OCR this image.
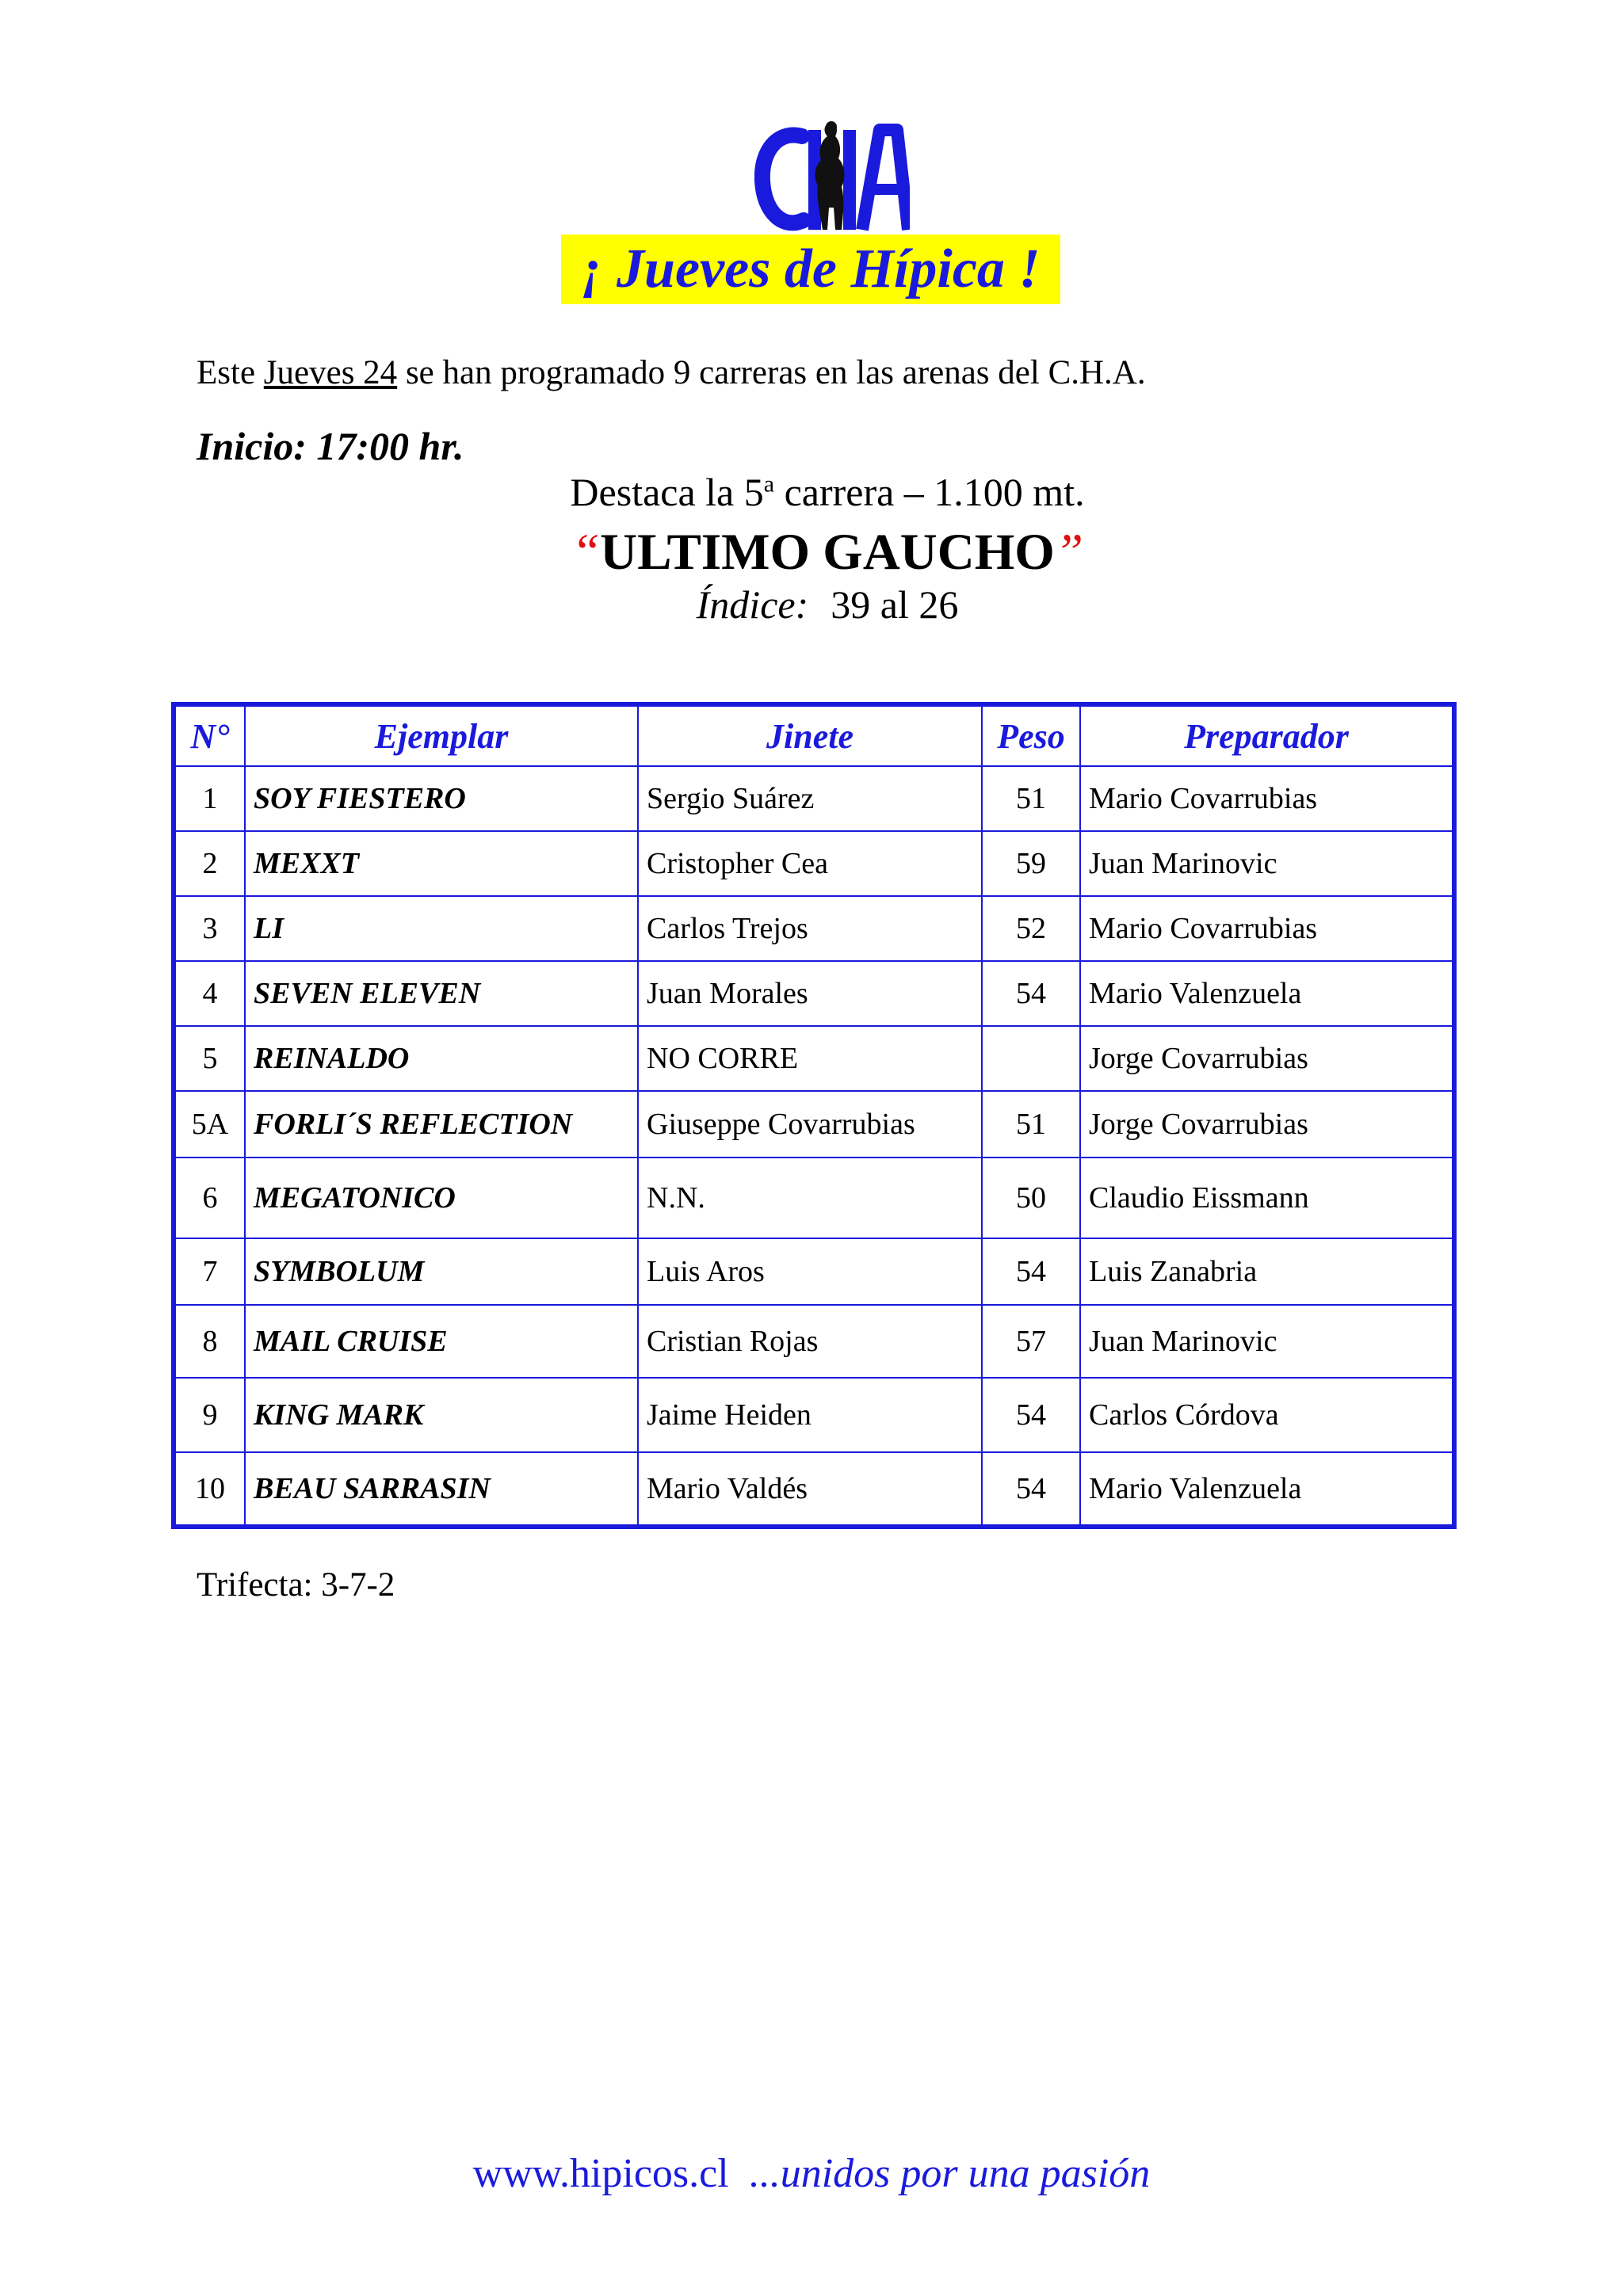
¡ Jueves de Hípica !
Este Jueves 24 se han programado 9 carreras en las arenas del C.H.A.
Inicio: 17:00 hr.
Destaca la 5$^a$ carrera – 1.100 mt.
“ULTIMO GAUCHO”
Índice: 39 al 26
N°	Ejemplar	Jinete	Peso	Preparador
1	SOY FIESTERO	Sergio Suárez	51	Mario Covarrubias
2	MEXXT	Cristopher Cea	59	Juan Marinovic
3	LI	Carlos Trejos	52	Mario Covarrubias
4	SEVEN ELEVEN	Juan Morales	54	Mario Valenzuela
5	REINALDO	NO CORRE		Jorge Covarrubias
5A	FORLI´S REFLECTION	Giuseppe Covarrubias	51	Jorge Covarrubias
6	MEGATONICO	N.N.	50	Claudio Eissmann
7	SYMBOLUM	Luis Aros	54	Luis Zanabria
8	MAIL CRUISE	Cristian Rojas	57	Juan Marinovic
9	KING MARK	Jaime Heiden	54	Carlos Córdova
10	BEAU SARRASIN	Mario Valdés	54	Mario Valenzuela
Trifecta: 3-7-2
www.hipicos.cl ...unidos por una pasión
